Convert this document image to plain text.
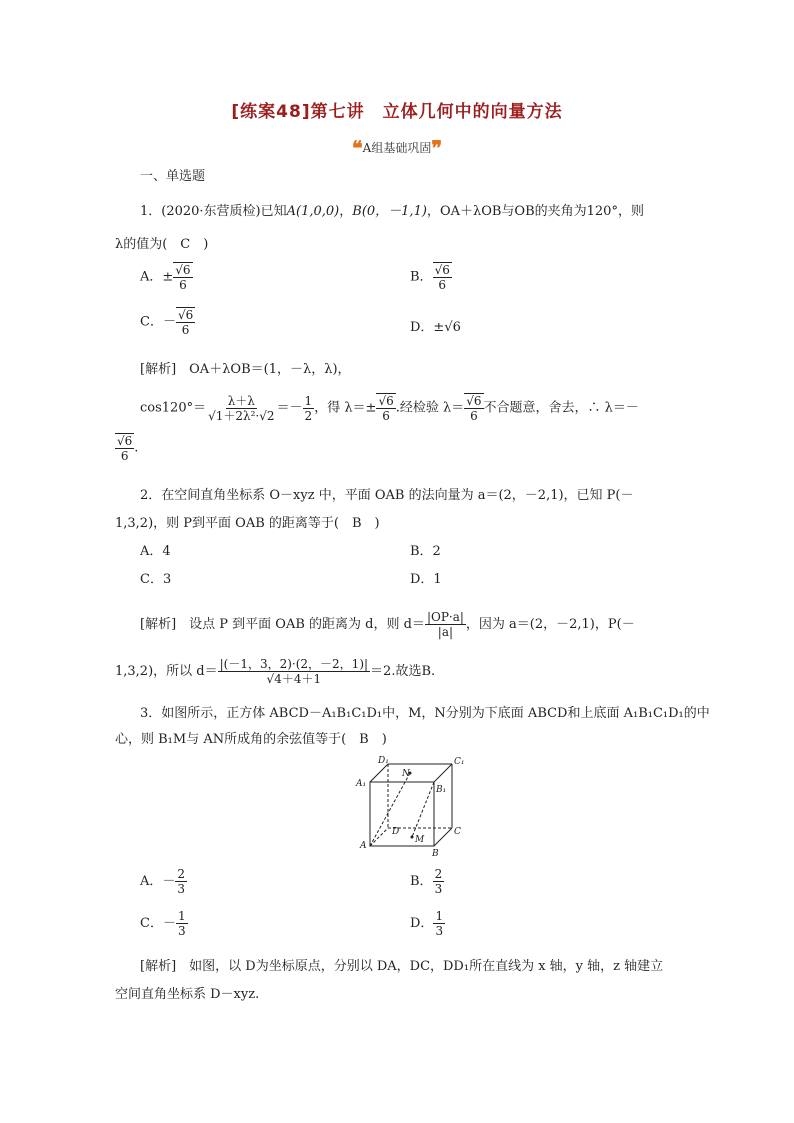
[练案48]第七讲　立体几何中的向量方法
❝A组基础巩固❞
一、单选题
1．(2020·东营质检)已知A(1,0,0)，B(0，－1,1)，OA＋λOB与OB的夹角为120°，则
λ的值为(　C　)
A．± $\frac{√6}{6}$	B． $\frac{√6}{6}$
C．－ $\frac{√6}{6}$	D．±√6
[解析]　OA＋λOB＝(1，－λ，λ)，
$\cos 120^\circ= \frac{\lambda+\lambda}{\text{√1＋2λ²·√2}} =- \frac{1}{2}$ ，得 $\lambda=\pm \frac{√6}{6}$ .经检验 $\lambda= \frac{√6}{6}$ 不合题意，舍去，∴ λ＝－
$\frac{√6}{6}$ .
2．在空间直角坐标系 O－xyz 中，平面 OAB 的法向量为 a＝(2，－2,1)，已知 P(－
1,3,2)，则 P到平面 OAB 的距离等于(　B　)
A．4	B．2
C．3	D．1
[解析]　设点 P 到平面 OAB 的距离为 d，则 $d= \frac{|OP\cdot a|}{|a|}$ ，因为 a＝(2，－2,1)，P(－
1,3,2)，所以 $d= \frac{|(-1,3,2)\cdot(2,-2,1)|}{√4+4+1} =2$.故选B.
3．如图所示，正方体 ABCD－A₁B₁C₁D₁中，M，N分别为下底面 ABCD和上底面 A₁B₁C₁D₁的中
心，则 B₁M与 AN所成角的余弦值等于(　B　)
D₁	C₁
A₁
B₁
N
D	C
A
B
M
A．－ $\frac{2}{3}$	B． $\frac{2}{3}$
C．－ $\frac{1}{3}$	D． $\frac{1}{3}$
[解析]　如图，以 D为坐标原点，分别以 DA，DC，DD₁所在直线为 x 轴，y 轴，z 轴建立
空间直角坐标系 D－xyz.
